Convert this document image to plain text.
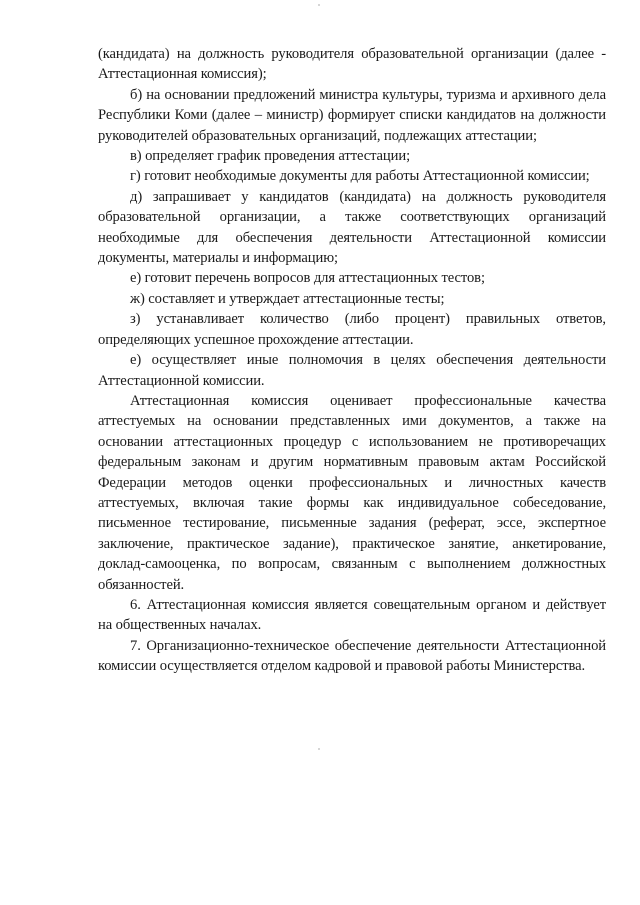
(кандидата) на должность руководителя образовательной организации (далее - Аттестационная комиссия);

б) на основании предложений министра культуры, туризма и архивного дела Республики Коми (далее – министр) формирует списки кандидатов на должности руководителей образовательных организаций, подлежащих аттестации;

в) определяет график проведения аттестации;

г) готовит необходимые документы для работы Аттестационной комиссии;

д) запрашивает у кандидатов (кандидата) на должность руководителя образовательной организации, а также соответствующих организаций необходимые для обеспечения деятельности Аттестационной комиссии документы, материалы и информацию;

е) готовит перечень вопросов для аттестационных тестов;

ж) составляет и утверждает аттестационные тесты;

з) устанавливает количество (либо процент) правильных ответов, определяющих успешное прохождение аттестации.

е) осуществляет иные полномочия в целях обеспечения деятельности Аттестационной комиссии.

Аттестационная комиссия оценивает профессиональные качества аттестуемых на основании представленных ими документов, а также на основании аттестационных процедур с использованием не противоречащих федеральным законам и другим нормативным правовым актам Российской Федерации методов оценки профессиональных и личностных качеств аттестуемых, включая такие формы как индивидуальное собеседование, письменное тестирование, письменные задания (реферат, эссе, экспертное заключение, практическое задание), практическое занятие, анкетирование, доклад-самооценка, по вопросам, связанным с выполнением должностных обязанностей.

6. Аттестационная комиссия является совещательным органом и действует на общественных началах.

7. Организационно-техническое обеспечение деятельности Аттестационной комиссии осуществляется отделом кадровой и правовой работы Министерства.
